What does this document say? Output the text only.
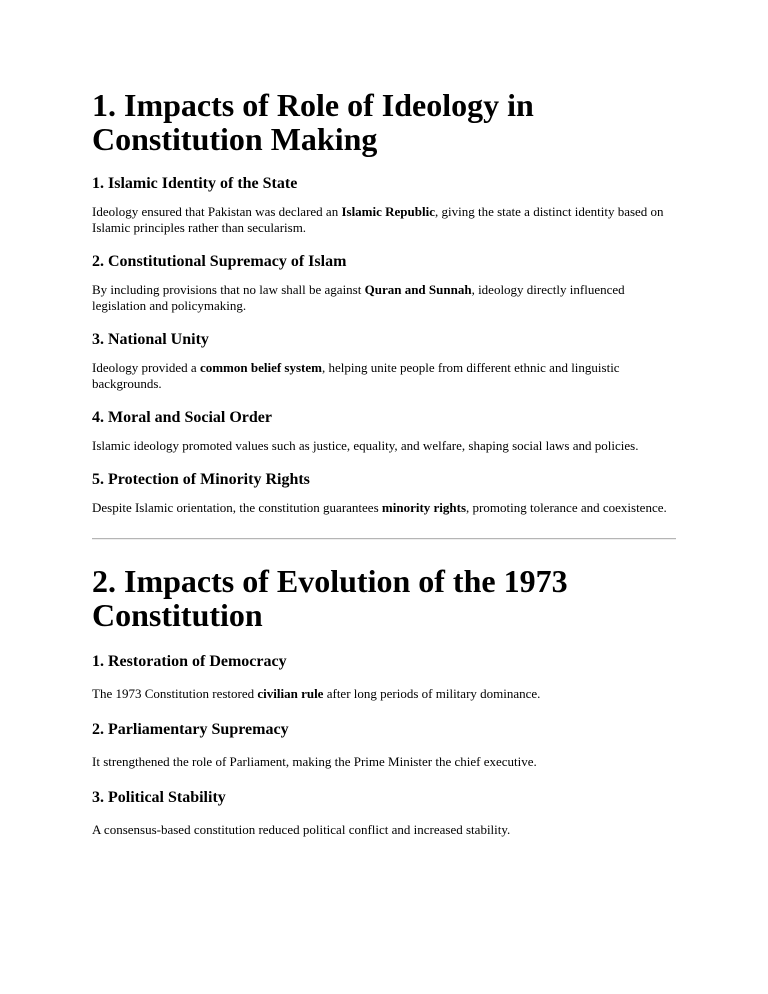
1. Impacts of Role of Ideology in Constitution Making
1. Islamic Identity of the State

Ideology ensured that Pakistan was declared an Islamic Republic, giving the state a distinct identity based on Islamic principles rather than secularism.

2. Constitutional Supremacy of Islam

By including provisions that no law shall be against Quran and Sunnah, ideology directly influenced legislation and policymaking.

3. National Unity

Ideology provided a common belief system, helping unite people from different ethnic and linguistic backgrounds.

4. Moral and Social Order

Islamic ideology promoted values such as justice, equality, and welfare, shaping social laws and policies.

5. Protection of Minority Rights

Despite Islamic orientation, the constitution guarantees minority rights, promoting tolerance and coexistence.

2. Impacts of Evolution of the 1973 Constitution
1. Restoration of Democracy

The 1973 Constitution restored civilian rule after long periods of military dominance.

2. Parliamentary Supremacy

It strengthened the role of Parliament, making the Prime Minister the chief executive.

3. Political Stability

A consensus-based constitution reduced political conflict and increased stability.
